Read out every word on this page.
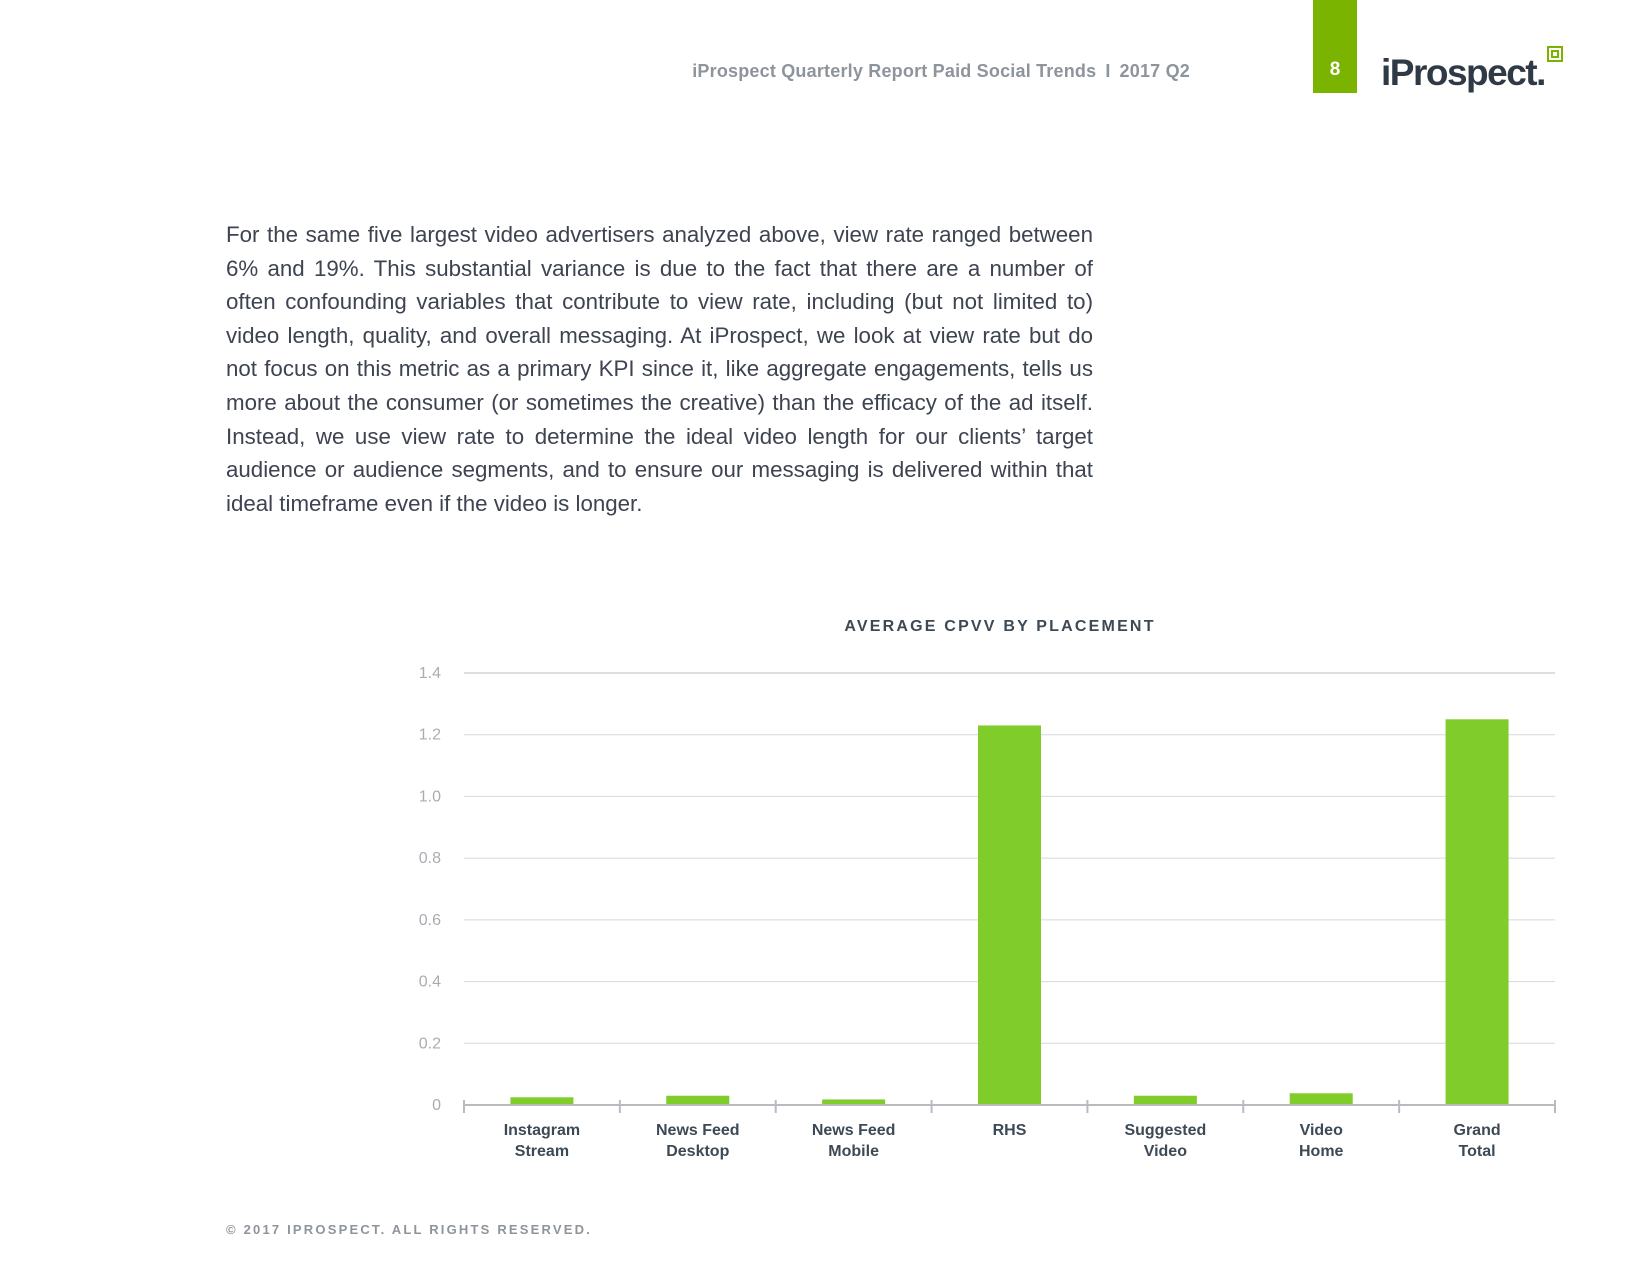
iProspect Quarterly Report Paid Social Trends I 2017 Q2	8 iProspect.

For the same five largest video advertisers analyzed above, view rate ranged between 6% and 19%. This substantial variance is due to the fact that there are a number of often confounding variables that contribute to view rate, including (but not limited to) video length, quality, and overall messaging. At iProspect, we look at view rate but do not focus on this metric as a primary KPI since it, like aggregate engagements, tells us more about the consumer (or sometimes the creative) than the efficacy of the ad itself. Instead, we use view rate to determine the ideal video length for our clients’ target audience or audience segments, and to ensure our messaging is delivered within that ideal timeframe even if the video is longer.

AVERAGE CPVV BY PLACEMENT
0
0.2
0.4
0.6
0.8
1.0
1.2
1.4
Instagram Stream
News Feed Desktop
News Feed Mobile
RHS	Suggested Video
Video Home
Grand Total
© 2017 IPROSPECT. ALL RIGHTS RESERVED.
